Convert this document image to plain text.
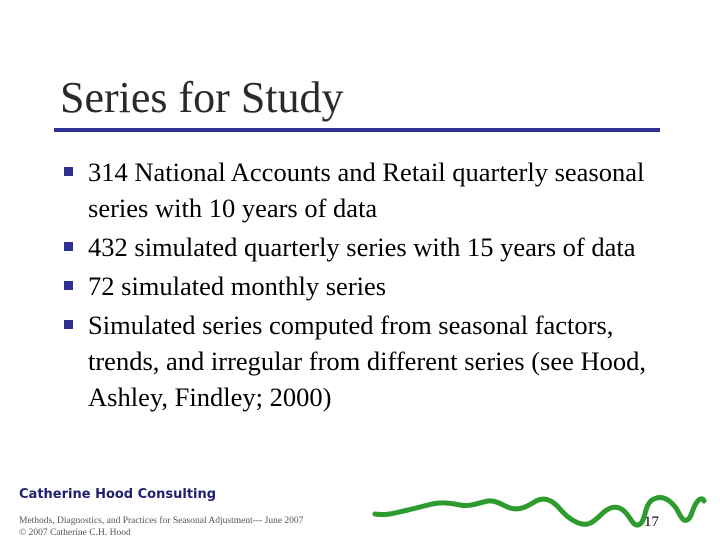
Series for Study
314 National Accounts and Retail quarterly seasonal series with 10 years of data
432 simulated quarterly series with 15 years of data
72 simulated monthly series
Simulated series computed from seasonal factors, trends, and irregular from different series (see Hood, Ashley, Findley; 2000)
Catherine Hood Consulting
Methods, Diagnostics, and Practices for Seasonal Adjustment--- June 2007
© 2007 Catherine C.H. Hood
17
